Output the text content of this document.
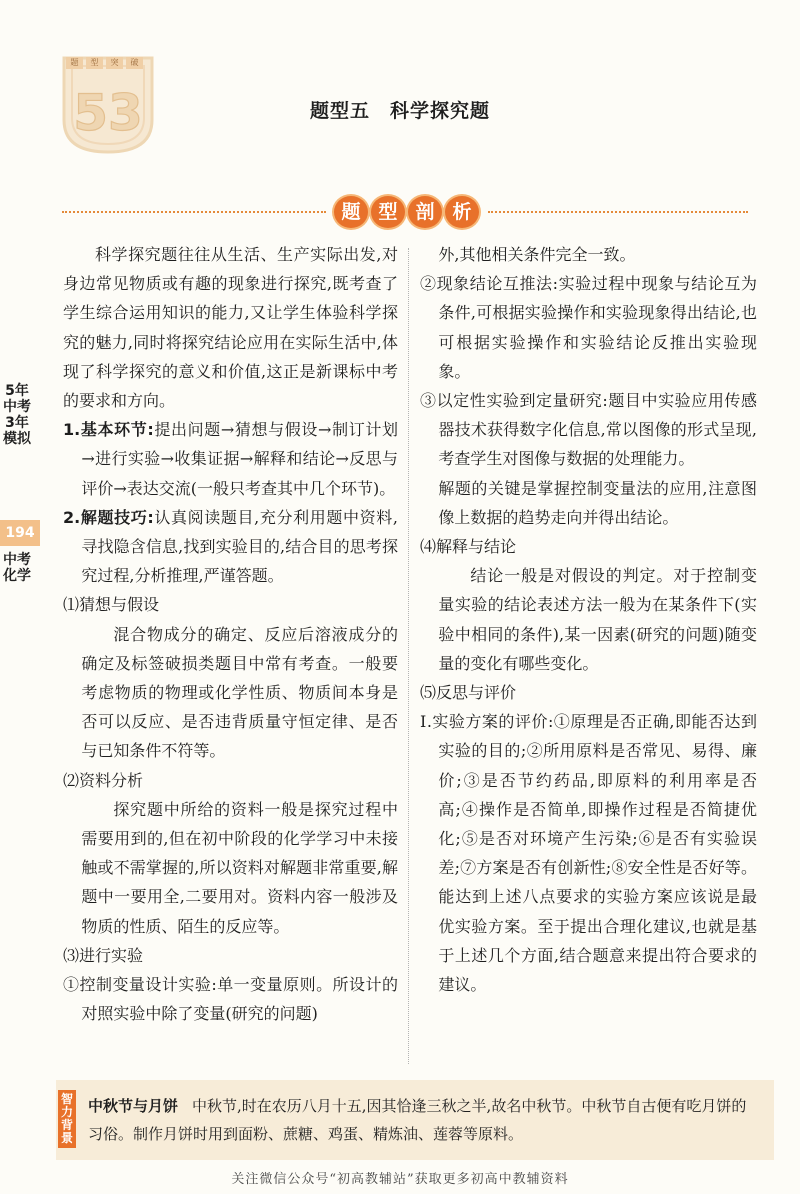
53
题	型	突	破
题型五　科学探究题
题 型 剖 析
5年中考3年模拟
194
中考化学

科学探究题往往从生活、生产实际出发,对身边常见物质或有趣的现象进行探究,既考查了学生综合运用知识的能力,又让学生体验科学探究的魅力,同时将探究结论应用在实际生活中,体现了科学探究的意义和价值,这正是新课标中考的要求和方向。

1.基本环节:提出问题→猜想与假设→制订计划→进行实验→收集证据→解释和结论→反思与评价→表达交流(一般只考查其中几个环节)。

2.解题技巧:认真阅读题目,充分利用题中资料,寻找隐含信息,找到实验目的,结合目的思考探究过程,分析推理,严谨答题。

⑴猜想与假设

混合物成分的确定、反应后溶液成分的确定及标签破损类题目中常有考查。一般要考虑物质的物理或化学性质、物质间本身是否可以反应、是否违背质量守恒定律、是否与已知条件不符等。

⑵资料分析

探究题中所给的资料一般是探究过程中需要用到的,但在初中阶段的化学学习中未接触或不需掌握的,所以资料对解题非常重要,解题中一要用全,二要用对。资料内容一般涉及物质的性质、陌生的反应等。

⑶进行实验

①控制变量设计实验:单一变量原则。所设计的对照实验中除了变量(研究的问题)

外,其他相关条件完全一致。

②现象结论互推法:实验过程中现象与结论互为条件,可根据实验操作和实验现象得出结论,也可根据实验操作和实验结论反推出实验现象。

③以定性实验到定量研究:题目中实验应用传感器技术获得数字化信息,常以图像的形式呈现,考查学生对图像与数据的处理能力。

解题的关键是掌握控制变量法的应用,注意图像上数据的趋势走向并得出结论。

⑷解释与结论

结论一般是对假设的判定。对于控制变量实验的结论表述方法一般为在某条件下(实验中相同的条件),某一因素(研究的问题)随变量的变化有哪些变化。

⑸反思与评价

Ⅰ.实验方案的评价:①原理是否正确,即能否达到实验的目的;②所用原料是否常见、易得、廉价;③是否节约药品,即原料的利用率是否高;④操作是否简单,即操作过程是否简捷优化;⑤是否对环境产生污染;⑥是否有实验误差;⑦方案是否有创新性;⑧安全性是否好等。能达到上述八点要求的实验方案应该说是最优实验方案。至于提出合理化建议,也就是基于上述几个方面,结合题意来提出符合要求的建议。

智力背景
中秋节与月饼 中秋节,时在农历八月十五,因其恰逢三秋之半,故名中秋节。中秋节自古便有吃月饼的习俗。制作月饼时用到面粉、蔗糖、鸡蛋、精炼油、莲蓉等原料。
关注微信公众号“初高教辅站”获取更多初高中教辅资料
